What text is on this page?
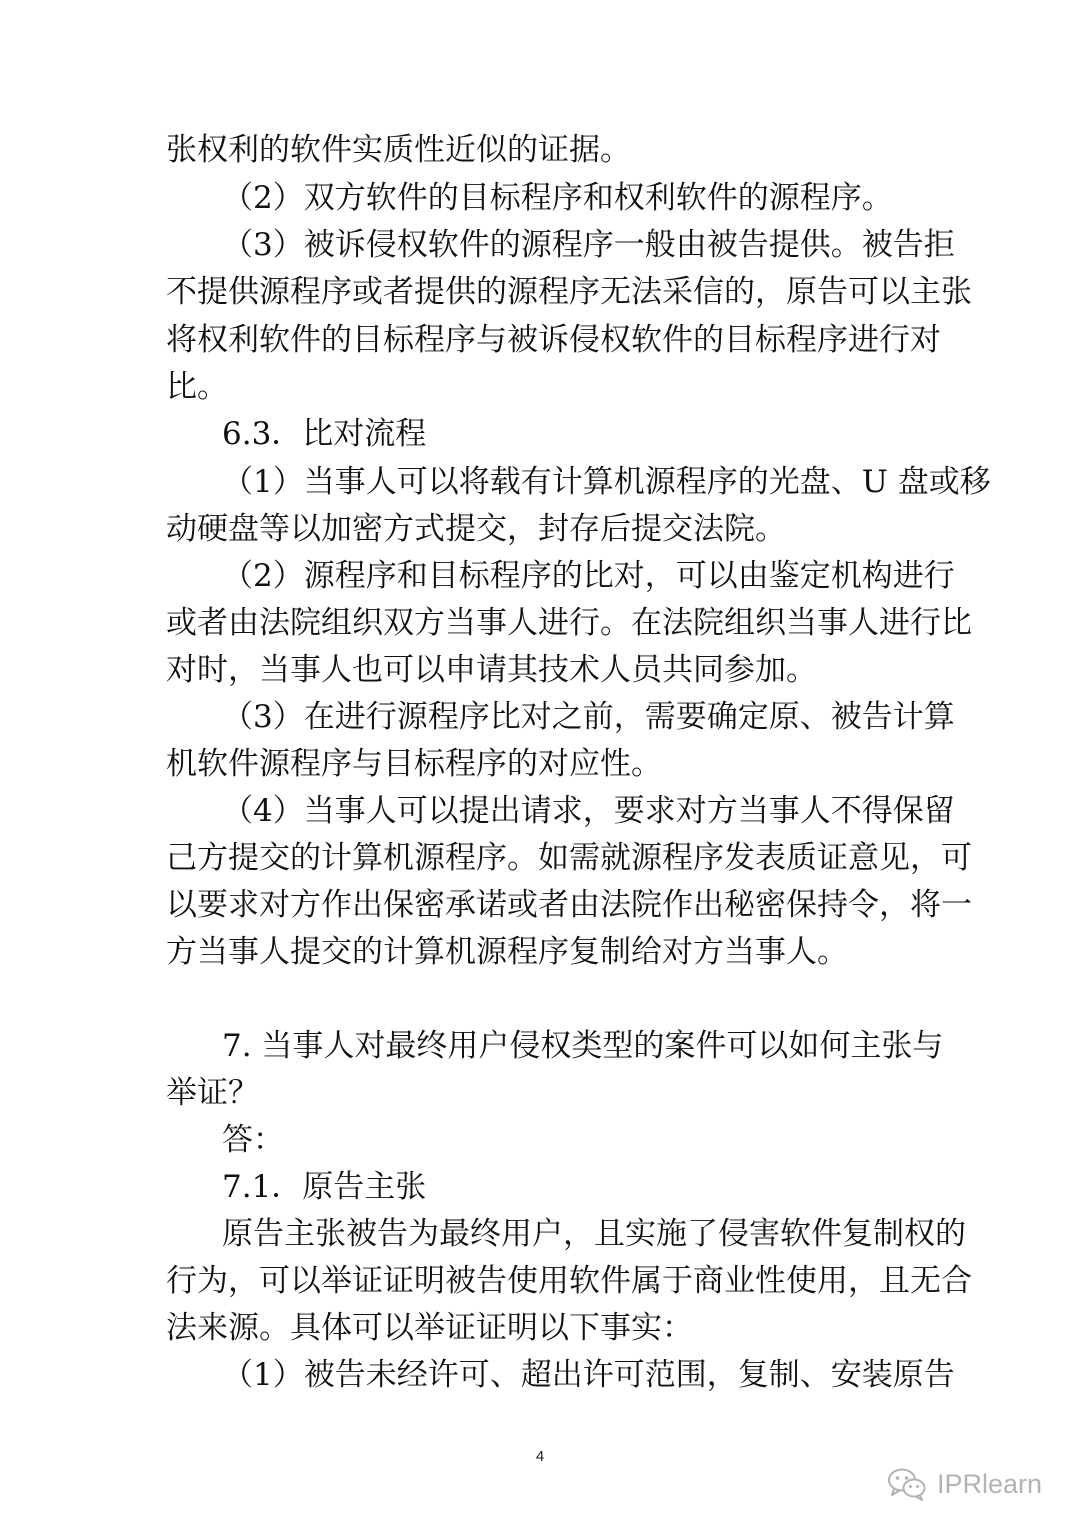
张权利的软件实质性近似的证据。
（2）双方软件的目标程序和权利软件的源程序。
（3）被诉侵权软件的源程序一般由被告提供。被告拒
不提供源程序或者提供的源程序无法采信的，原告可以主张
将权利软件的目标程序与被诉侵权软件的目标程序进行对
比。
6.3．比对流程
（1）当事人可以将载有计算机源程序的光盘、U 盘或移
动硬盘等以加密方式提交，封存后提交法院。
（2）源程序和目标程序的比对，可以由鉴定机构进行
或者由法院组织双方当事人进行。在法院组织当事人进行比
对时，当事人也可以申请其技术人员共同参加。
（3）在进行源程序比对之前，需要确定原、被告计算
机软件源程序与目标程序的对应性。
（4）当事人可以提出请求，要求对方当事人不得保留
己方提交的计算机源程序。如需就源程序发表质证意见，可
以要求对方作出保密承诺或者由法院作出秘密保持令，将一
方当事人提交的计算机源程序复制给对方当事人。
7. 当事人对最终用户侵权类型的案件可以如何主张与
举证？
答：
7.1．原告主张
原告主张被告为最终用户，且实施了侵害软件复制权的
行为，可以举证证明被告使用软件属于商业性使用，且无合
法来源。具体可以举证证明以下事实：
（1）被告未经许可、超出许可范围，复制、安装原告
4
IPRlearn
